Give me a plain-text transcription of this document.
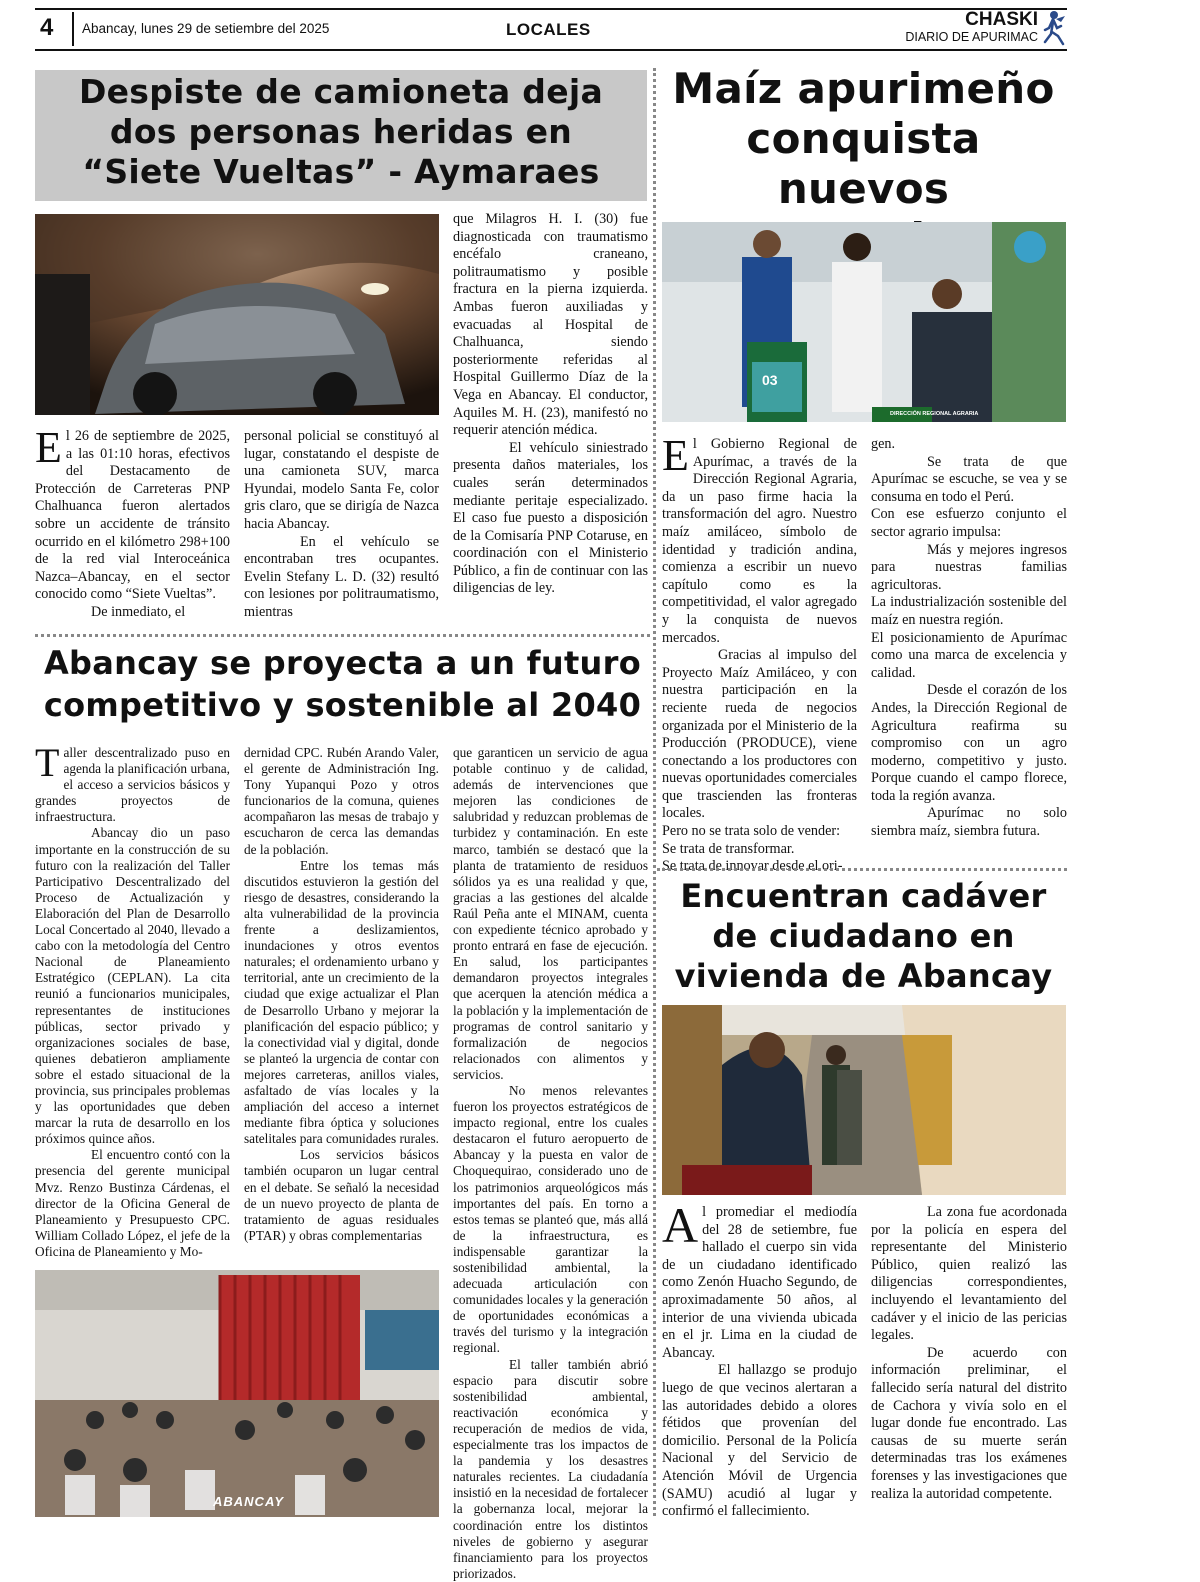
4 Abancay, lunes 29 de setiembre del 2025	LOCALES	CHASKI
DIARIO DE APURIMAC
Despiste de camioneta deja dos personas heridas en “Siete Vueltas” - Aymaraes

El 26 de septiembre de 2025, a las 01:10 horas, efectivos del Destacamento de Protección de Carreteras PNP Chalhuanca fueron alertados sobre un accidente de tránsito ocurrido en el kilómetro 298+100 de la red vial Interoceánica Nazca–Abancay, en el sector conocido como “Siete Vueltas”.

De inmediato, el

personal policial se constituyó al lugar, constatando el despiste de una camioneta SUV, marca Hyundai, modelo Santa Fe, color gris claro, que se dirigía de Nazca hacia Abancay.

En el vehículo se encontraban tres ocupantes. Evelin Stefany L. D. (32) resultó con lesiones por politraumatismo, mientras

que Milagros H. I. (30) fue diagnosticada con traumatismo encéfalo craneano, politraumatismo y posible fractura en la pierna izquierda. Ambas fueron auxiliadas y evacuadas al Hospital de Chalhuanca, siendo posteriormente referidas al Hospital Guillermo Díaz de la Vega en Abancay. El conductor, Aquiles M. H. (23), manifestó no requerir atención médica.

El vehículo siniestrado presenta daños materiales, los cuales serán determinados mediante peritaje especializado. El caso fue puesto a disposición de la Comisaría PNP Cotaruse, en coordinación con el Ministerio Público, a fin de continuar con las diligencias de ley.

Abancay se proyecta a un futuro competitivo y sostenible al 2040

Taller descentralizado puso en agenda la planificación urbana, el acceso a servicios básicos y grandes proyectos de infraestructura.

Abancay dio un paso importante en la construcción de su futuro con la realización del Taller Participativo Descentralizado del Proceso de Actualización y Elaboración del Plan de Desarrollo Local Concertado al 2040, llevado a cabo con la metodología del Centro Nacional de Planeamiento Estratégico (CEPLAN). La cita reunió a funcionarios municipales, representantes de instituciones públicas, sector privado y organizaciones sociales de base, quienes debatieron ampliamente sobre el estado situacional de la provincia, sus principales problemas y las oportunidades que deben marcar la ruta de desarrollo en los próximos quince años.

El encuentro contó con la presencia del gerente municipal Mvz. Renzo Bustinza Cárdenas, el director de la Oficina General de Planeamiento y Presupuesto CPC. William Collado López, el jefe de la Oficina de Planeamiento y Mo-

dernidad CPC. Rubén Arando Valer, el gerente de Administración Ing. Tony Yupanqui Pozo y otros funcionarios de la comuna, quienes acompañaron las mesas de trabajo y escucharon de cerca las demandas de la población.

Entre los temas más discutidos estuvieron la gestión del riesgo de desastres, considerando la alta vulnerabilidad de la provincia frente a deslizamientos, inundaciones y otros eventos naturales; el ordenamiento urbano y territorial, ante un crecimiento de la ciudad que exige actualizar el Plan de Desarrollo Urbano y mejorar la planificación del espacio público; y la conectividad vial y digital, donde se planteó la urgencia de contar con mejores carreteras, anillos viales, asfaltado de vías locales y la ampliación del acceso a internet mediante fibra óptica y soluciones satelitales para comunidades rurales.

Los servicios básicos también ocuparon un lugar central en el debate. Se señaló la necesidad de un nuevo proyecto de planta de tratamiento de aguas residuales (PTAR) y obras complementarias

que garanticen un servicio de agua potable continuo y de calidad, además de intervenciones que mejoren las condiciones de salubridad y reduzcan problemas de turbidez y contaminación. En este marco, también se destacó que la planta de tratamiento de residuos sólidos ya es una realidad y que, gracias a las gestiones del alcalde Raúl Peña ante el MINAM, cuenta con expediente técnico aprobado y pronto entrará en fase de ejecución. En salud, los participantes demandaron proyectos integrales que acerquen la atención médica a la población y la implementación de programas de control sanitario y formalización de negocios relacionados con alimentos y servicios.

No menos relevantes fueron los proyectos estratégicos de impacto regional, entre los cuales destacaron el futuro aeropuerto de Abancay y la puesta en valor de Choquequirao, considerado uno de los patrimonios arqueológicos más importantes del país. En torno a estos temas se planteó que, más allá de la infraestructura, es indispensable garantizar la sostenibilidad ambiental, la adecuada articulación con comunidades locales y la generación de oportunidades económicas a través del turismo y la integración regional.

El taller también abrió espacio para discutir sobre sostenibilidad ambiental, reactivación económica y recuperación de medios de vida, especialmente tras los impactos de la pandemia y los desastres naturales recientes. La ciudadanía insistió en la necesidad de fortalecer la gobernanza local, mejorar la coordinación entre los distintos niveles de gobierno y asegurar financiamiento para los proyectos priorizados.

ABANCAY
Maíz apurimeño conquista nuevos
03
DIRECCIÓN REGIONAL AGRARIA

El Gobierno Regional de Apurímac, a través de la Dirección Regional Agraria, da un paso firme hacia la transformación del agro. Nuestro maíz amiláceo, símbolo de identidad y tradición andina, comienza a escribir un nuevo capítulo como es la competitividad, el valor agregado y la conquista de nuevos mercados.

Gracias al impulso del Proyecto Maíz Amiláceo, y con nuestra participación en la reciente rueda de negocios organizada por el Ministerio de la Producción (PRODUCE), viene conectando a los productores con nuevas oportunidades comerciales que trascienden las fronteras locales.

Pero no se trata solo de vender:

Se trata de transformar.

Se trata de innovar desde el ori-

gen.

Se trata de que Apurímac se escuche, se vea y se consuma en todo el Perú.

Con ese esfuerzo conjunto el sector agrario impulsa:

Más y mejores ingresos para nuestras familias agricultoras.

La industrialización sostenible del maíz en nuestra región.

El posicionamiento de Apurímac como una marca de excelencia y calidad.

Desde el corazón de los Andes, la Dirección Regional de Agricultura reafirma su compromiso con un agro moderno, competitivo y justo. Porque cuando el campo florece, toda la región avanza.

Apurímac no solo siembra maíz, siembra futura.

Encuentran cadáver de ciudadano en vivienda de Abancay

Al promediar el mediodía del 28 de setiembre, fue hallado el cuerpo sin vida de un ciudadano identificado como Zenón Huacho Segundo, de aproximadamente 50 años, al interior de una vivienda ubicada en el jr. Lima en la ciudad de Abancay.

El hallazgo se produjo luego de que vecinos alertaran a las autoridades debido a olores fétidos que provenían del domicilio. Personal de la Policía Nacional y del Servicio de Atención Móvil de Urgencia (SAMU) acudió al lugar y confirmó el fallecimiento.

La zona fue acordonada por la policía en espera del representante del Ministerio Público, quien realizó las diligencias correspondientes, incluyendo el levantamiento del cadáver y el inicio de las pericias legales.

De acuerdo con información preliminar, el fallecido sería natural del distrito de Cachora y vivía solo en el lugar donde fue encontrado. Las causas de su muerte serán determinadas tras los exámenes forenses y las investigaciones que realiza la autoridad competente.
